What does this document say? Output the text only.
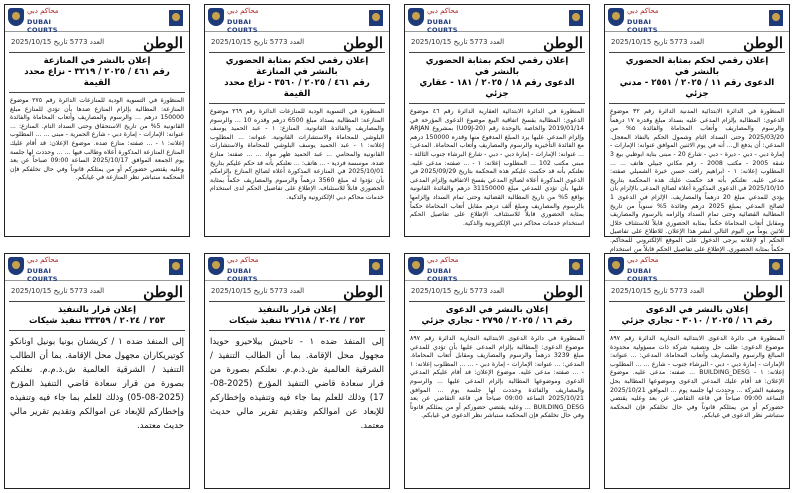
محاكم دبي
DUBAI COURTS
الوطن
العدد 5773 تاريخ 2025/10/15
إعلان رقمي لحكم بمثابة الحضوري بالنشر في
الدعوى رقم ١١ / ٢٠٢٥ / ٢٥٥١ - مدني جزئي
المنظورة في الدائرة الابتدائية المدنية الدائرة رقم ٣٢ موضوع الدعوى: المطالبة بإلزام المدعى عليه بسداد مبلغ وقدره ١٧ درهماً والرسوم والمصاريف وأتعاب المحاماة والفائدة ٥% من 2025/03/20 وحتى السداد التام وشمول الحكم بالنفاذ المعجل. المدعي: أن يدفع ال... أنه في يوم الاثنين الموافق عنوانه: الإمارات - إمارة دبي - دبي - ديرة - دبي - شارع 20 - مبنى بناية ابوظبي بيع 3 شقة 2005 - مكتب 2008 - رقم مكاني جبيلي هاتف ... ... المطلوب إعلانه: ١ - ابراهيم رافت حسن خيرة الشميلي صفته: مدعى عليه. نعلنكم بأنه قد حكمت عليك هذه المحكمة بتاريخ 2025/10/10 في الدعوى المذكورة أعلاه لصالح المدعى بالإلزام بأن يؤدي للمدعي مبلغ 20 درهماً والمصاريف. الإلزام في الدعوى 1 لصالح المدعي بمبلغ 2025 درهم وفائدة 5% سنوياً من تاريخ المطالبة القضائية وحتى تمام السداد وإلزامه بالرسوم والمصاريف ومقابل أتعاب المحاماة حكماً بمثابة الحضوري قابلاً للاستئناف خلال ثلاثين يوماً من اليوم التالي لنشر هذا الإعلان. للاطلاع على تفاصيل الحكم أو لإعلانه يرجى الدخول على الموقع الإلكتروني للمحاكم. حكماً بمثابة الحضوري. الإطلاع على تفاصيل الحكم قابلاً من استخدام
محاكم دبي
DUBAI COURTS
الوطن
العدد 5773 تاريخ 2025/10/15
إعلان رقمي لحكم بمثابة الحضوري بالنشر في
الدعوى رقم ١٨ / ٢٠٢٥ / ١٨١ - عقاري جزئي
المنظورة في الدائرة الابتدائية العقارية الدائرة رقم ٤٦ موضوع الدعوى: المطالبة بفسخ اتفاقية البيع موضوع الدعوى المؤرخة في 2019/01/14 والخاصة بالوحدة رقم (U09J-20) بمشروع ARJAN وإلزام المدعى عليها برد المبلغ المدفوع منها وقدره 150000 درهم مع الفائدة التأخيرية والرسوم والمصاريف وأتعاب المحاماة. المدعي: ... عنوانه: الإمارات - إمارة دبي - دبي - شارع البرشاء جنوب الثالثة - مبنى مكتب 102 ... المطلوب إعلانه: ١ - ... صفته: مدعى عليه. نعلنكم بأنه قد حكمت عليكم هذه المحكمة بتاريخ 2025/09/29 في الدعوى المذكورة أعلاه لصالح المدعي بفسخ الاتفاقية وإلزام المدعى عليها بأن تؤدي للمدعي مبلغ 31150000 درهم والفائدة القانونية بواقع 5% من تاريخ المطالبة القضائية وحتى تمام السداد وإلزامها بالرسوم والمصاريف ومبلغ ألف درهم مقابل أتعاب المحاماة حكماً بمثابة الحضوري قابلاً للاستئناف. الإطلاع على تفاصيل الحكم استخدام خدمات محاكم دبي الإلكترونية والذكية.
محاكم دبي
DUBAI COURTS
الوطن
العدد 5773 تاريخ 2025/10/15
إعلان رقمي لحكم بمثابة الحضوري بالنشر في المنازعة
رقم ٤٦١ / ٢٠٢٥ / ٣٥٦٠ - نزاع محدد القيمة
المنظورة في التسوية الودية للمنازعات الدائرة رقم ٢٦٩ موضوع المنازعة: المطالبة بسداد مبلغ 6500 درهم وقدره 10 ... والرسوم والمصاريف والفائدة القانونية. المنازع: ١ - عبد الحميد يوسف البلوشي للمحاماة والاستشارات القانونية. عنوانه: ... المطلوب إعلانه: ١ - عبد الحميد يوسف البلوشي للمحاماة والاستشارات القانونية والمحامي ... عبد الحميد ظهر مواد ... ... صفته: منازع ضده. موسسة فردية - ... هاتف: ... نعلنكم بأنه قد حكم عليكم بتاريخ 2025/10/01 في المنازعة المذكورة أعلاه لصالح المنازع بإلزامكم بأن تؤدوا له مبلغ 3560 درهماً والرسوم والمصاريف حكماً بمثابة الحضوري قابلاً للاستئناف. الإطلاع على تفاصيل الحكم لدى استخدام خدمات محاكم دبي الإلكترونية والذكية.
محاكم دبي
DUBAI COURTS
الوطن
العدد 5773 تاريخ 2025/10/15
إعلان بالنشر في المنازعة
رقم ٤٦١ / ٢٠٢٥ / ٣٢١٩ - نزاع محدد القيمة
المنظورة في التسوية الودية للمنازعات الدائرة رقم ٢٧٥ موضوع المنازعة: المطالبة بإلزام المنازع ضدها بأن تؤدي للمنازع مبلغ 150000 درهم ... والرسوم والمصاريف وأتعاب المحاماة والفائدة القانونية 5% من تاريخ الاستحقاق وحتى السداد التام. المنازع: ... عنوانه: الإمارات - إمارة دبي - شارع الحمرية - مبنى ... ... المطلوب إعلانه: ١ - ... صفته: منازع ضده. موضوع الإعلان: قد أقام عليك المنازع المنازعة المذكورة أعلاه وطالب فيها ... ... وحددت لها جلسة يوم الجمعة الموافق 2025/10/17 الساعة 09:00 صباحاً عن بعد وعليه يقتضي حضوركم أو من يمثلكم قانوناً وفي حال تخلفكم فإن المحكمة ستباشر نظر المنازعة في غيابكم.
محاكم دبي
DUBAI COURTS
الوطن
العدد 5773 تاريخ 2025/10/15
إعلان بالنشر في الدعوى
رقم ١٦ / ٢٠٢٥ / ٣٠١٠ - تجاري جزئي
المنظورة في دائرة الدعوى الابتدائية التجارية الدائرة رقم ٨٩٧ موضوع الدعوى: طلب حل وتصفية شركة ذات مسؤولية محدودة المبالغ والرسوم والمصاريف وأتعاب المحاماة. المدعي: ... عنوانه: الإمارات - إمارة دبي - دبي - البرشاء جنوب - شارع ... ... المطلوب إعلانه: ١ - BUILDING_DESG ... صفته: مدعى عليه. موضوع الإعلان: قد أقام عليك المدعي الدعوى وموضوعها المطالبة بحل وتصفية الشركة ... وحددت لها جلسة يوم ... الموافق 2025/10/21 الساعة 09:00 صباحاً في قاعة التقاضي عن بعد وعليه يقتضي حضوركم أو من يمثلكم قانوناً وفي حال تخلفكم فإن المحكمة ستباشر نظر الدعوى في غيابكم.
محاكم دبي
DUBAI COURTS
الوطن
العدد 5773 تاريخ 2025/10/15
إعلان بالنشر في الدعوى
رقم ١٦ / ٢٠٢٥ / ٢٧٩٥ - تجاري جزئي
المنظورة في دائرة الدعوى الابتدائية التجارية الدائرة رقم ٨٩٧ موضوع الدعوى: المطالبة بإلزام المدعى عليها بأن تؤدي للمدعي مبلغ 3239 درهماً والرسوم والمصاريف ومقابل أتعاب المحاماة. المدعي: ... عنوانه: الإمارات - إمارة دبي - ... ... المطلوب إعلانه: ١ - ... صفته: مدعى عليه. موضوع الإعلان: قد أقام عليكم المدعي الدعوى وموضوعها المطالبة بإلزام المدعى عليها ... والرسوم والمصاريف والفائدة وحددت لها جلسة يوم ... الموافق 2025/10/21 الساعة 09:00 صباحاً في قاعة التقاضي عن بعد BUILDING_DESG ... وعليه يقتضي حضوركم أو من يمثلكم قانوناً وفي حال تخلفكم فإن المحكمة ستباشر نظر الدعوى في غيابكم.
محاكم دبي
DUBAI COURTS
الوطن
العدد 5773 تاريخ 2025/10/15
إعلان قرار بالتنفيذ
٢٥٣ / ٢٠٢٤ / ٢٧٦١٨ تنفيذ شيكات
إلى المنفذ ضده ١ - تاحيش بيلاحيرو حويدا مجهول محل الإقامة. بما أن الطالب التنفيذ / الشرقية العالمية ش.ذ.م.م. نعلنكم بصورة من قرار سعادة قاضي التنفيذ المؤرخ (2025-08-17) وذلك للعلم بما جاء فيه وتنفيذه وإخطاركم للإبعاد عن اموالكم وتقديم تقرير مالي حديث معتمد.
محاكم دبي
DUBAI COURTS
الوطن
العدد 5773 تاريخ 2025/10/15
إعلان قرار بالتنفيذ
٢٥٣ / ٢٠٢٤ / ٣٣٣٥٩ تنفيذ شيكات
إلى المنفذ ضده ١ / كريشنان بونيا بونيل اونانكو كوتيريكاران مجهول محل الإقامة. بما أن الطالب التنفيذ / الشرقية العالمية ش.ذ.م.م. نعلنكم بصورة من قرار سعادة قاضي التنفيذ المؤرخ (2025-08-05) وذلك للعلم بما جاء فيه وتنفيذه وإخطاركم للإبعاد عن اموالكم وتقديم تقرير مالي حديث معتمد.
